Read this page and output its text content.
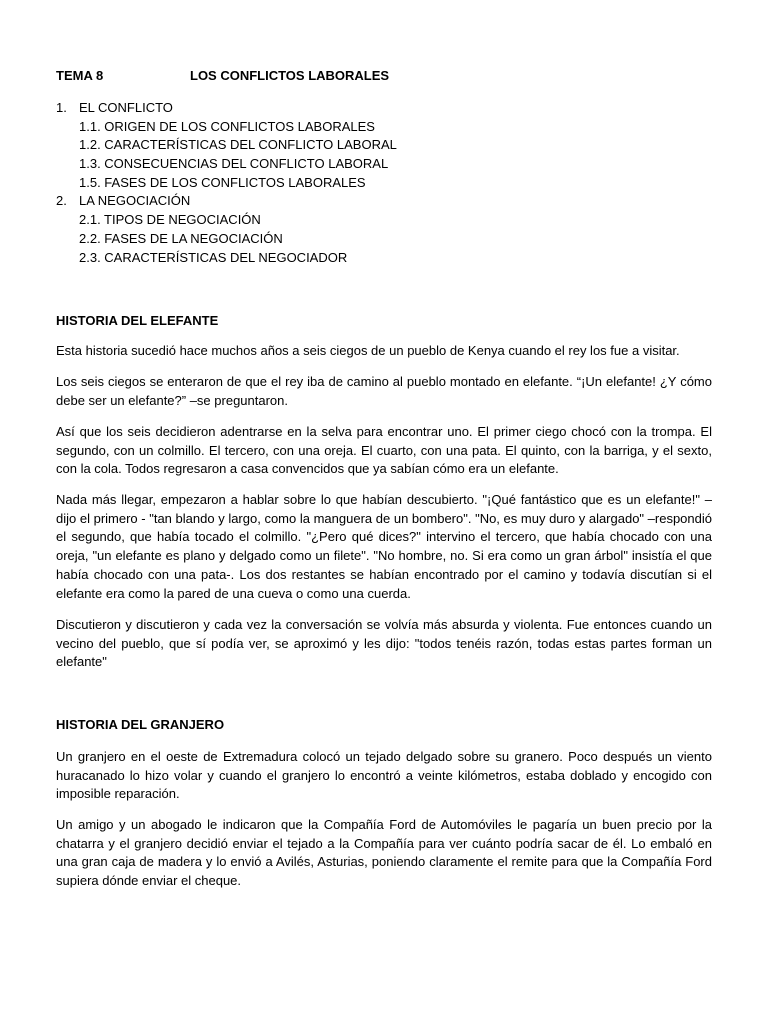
TEMA 8	LOS CONFLICTOS LABORALES
1. EL CONFLICTO
1.1. ORIGEN DE LOS CONFLICTOS LABORALES
1.2. CARACTERÍSTICAS DEL CONFLICTO LABORAL
1.3. CONSECUENCIAS DEL CONFLICTO LABORAL
1.5. FASES DE LOS CONFLICTOS LABORALES
2. LA NEGOCIACIÓN
2.1. TIPOS DE NEGOCIACIÓN
2.2. FASES DE LA NEGOCIACIÓN
2.3. CARACTERÍSTICAS DEL NEGOCIADOR
HISTORIA DEL ELEFANTE

Esta historia sucedió hace muchos años a seis ciegos de un pueblo de Kenya cuando el rey los fue a visitar.

Los seis ciegos se enteraron de que el rey iba de camino al pueblo montado en elefante. “¡Un elefante! ¿Y cómo debe ser un elefante?” –se preguntaron.

Así que los seis decidieron adentrarse en la selva para encontrar uno. El primer ciego chocó con la trompa. El segundo, con un colmillo. El tercero, con una oreja. El cuarto, con una pata. El quinto, con la barriga, y el sexto, con la cola. Todos regresaron a casa convencidos que ya sabían cómo era un elefante.

Nada más llegar, empezaron a hablar sobre lo que habían descubierto. "¡Qué fantástico que es un elefante!" –dijo el primero - "tan blando y largo, como la manguera de un bombero". "No, es muy duro y alargado" –respondió el segundo, que había tocado el colmillo. "¿Pero qué dices?" intervino el tercero, que había chocado con una oreja, "un elefante es plano y delgado como un filete". "No hombre, no. Si era como un gran árbol" insistía el que había chocado con una pata-. Los dos restantes se habían encontrado por el camino y todavía discutían si el elefante era como la pared de una cueva o como una cuerda.

Discutieron y discutieron y cada vez la conversación se volvía más absurda y violenta. Fue entonces cuando un vecino del pueblo, que sí podía ver, se aproximó y les dijo: "todos tenéis razón, todas estas partes forman un elefante"

HISTORIA DEL GRANJERO

Un granjero en el oeste de Extremadura colocó un tejado delgado sobre su granero. Poco después un viento huracanado lo hizo volar y cuando el granjero lo encontró a veinte kilómetros, estaba doblado y encogido con imposible reparación.

Un amigo y un abogado le indicaron que la Compañía Ford de Automóviles le pagaría un buen precio por la chatarra y el granjero decidió enviar el tejado a la Compañía para ver cuánto podría sacar de él. Lo embaló en una gran caja de madera y lo envió a Avilés, Asturias, poniendo claramente el remite para que la Compañía Ford supiera dónde enviar el cheque.
